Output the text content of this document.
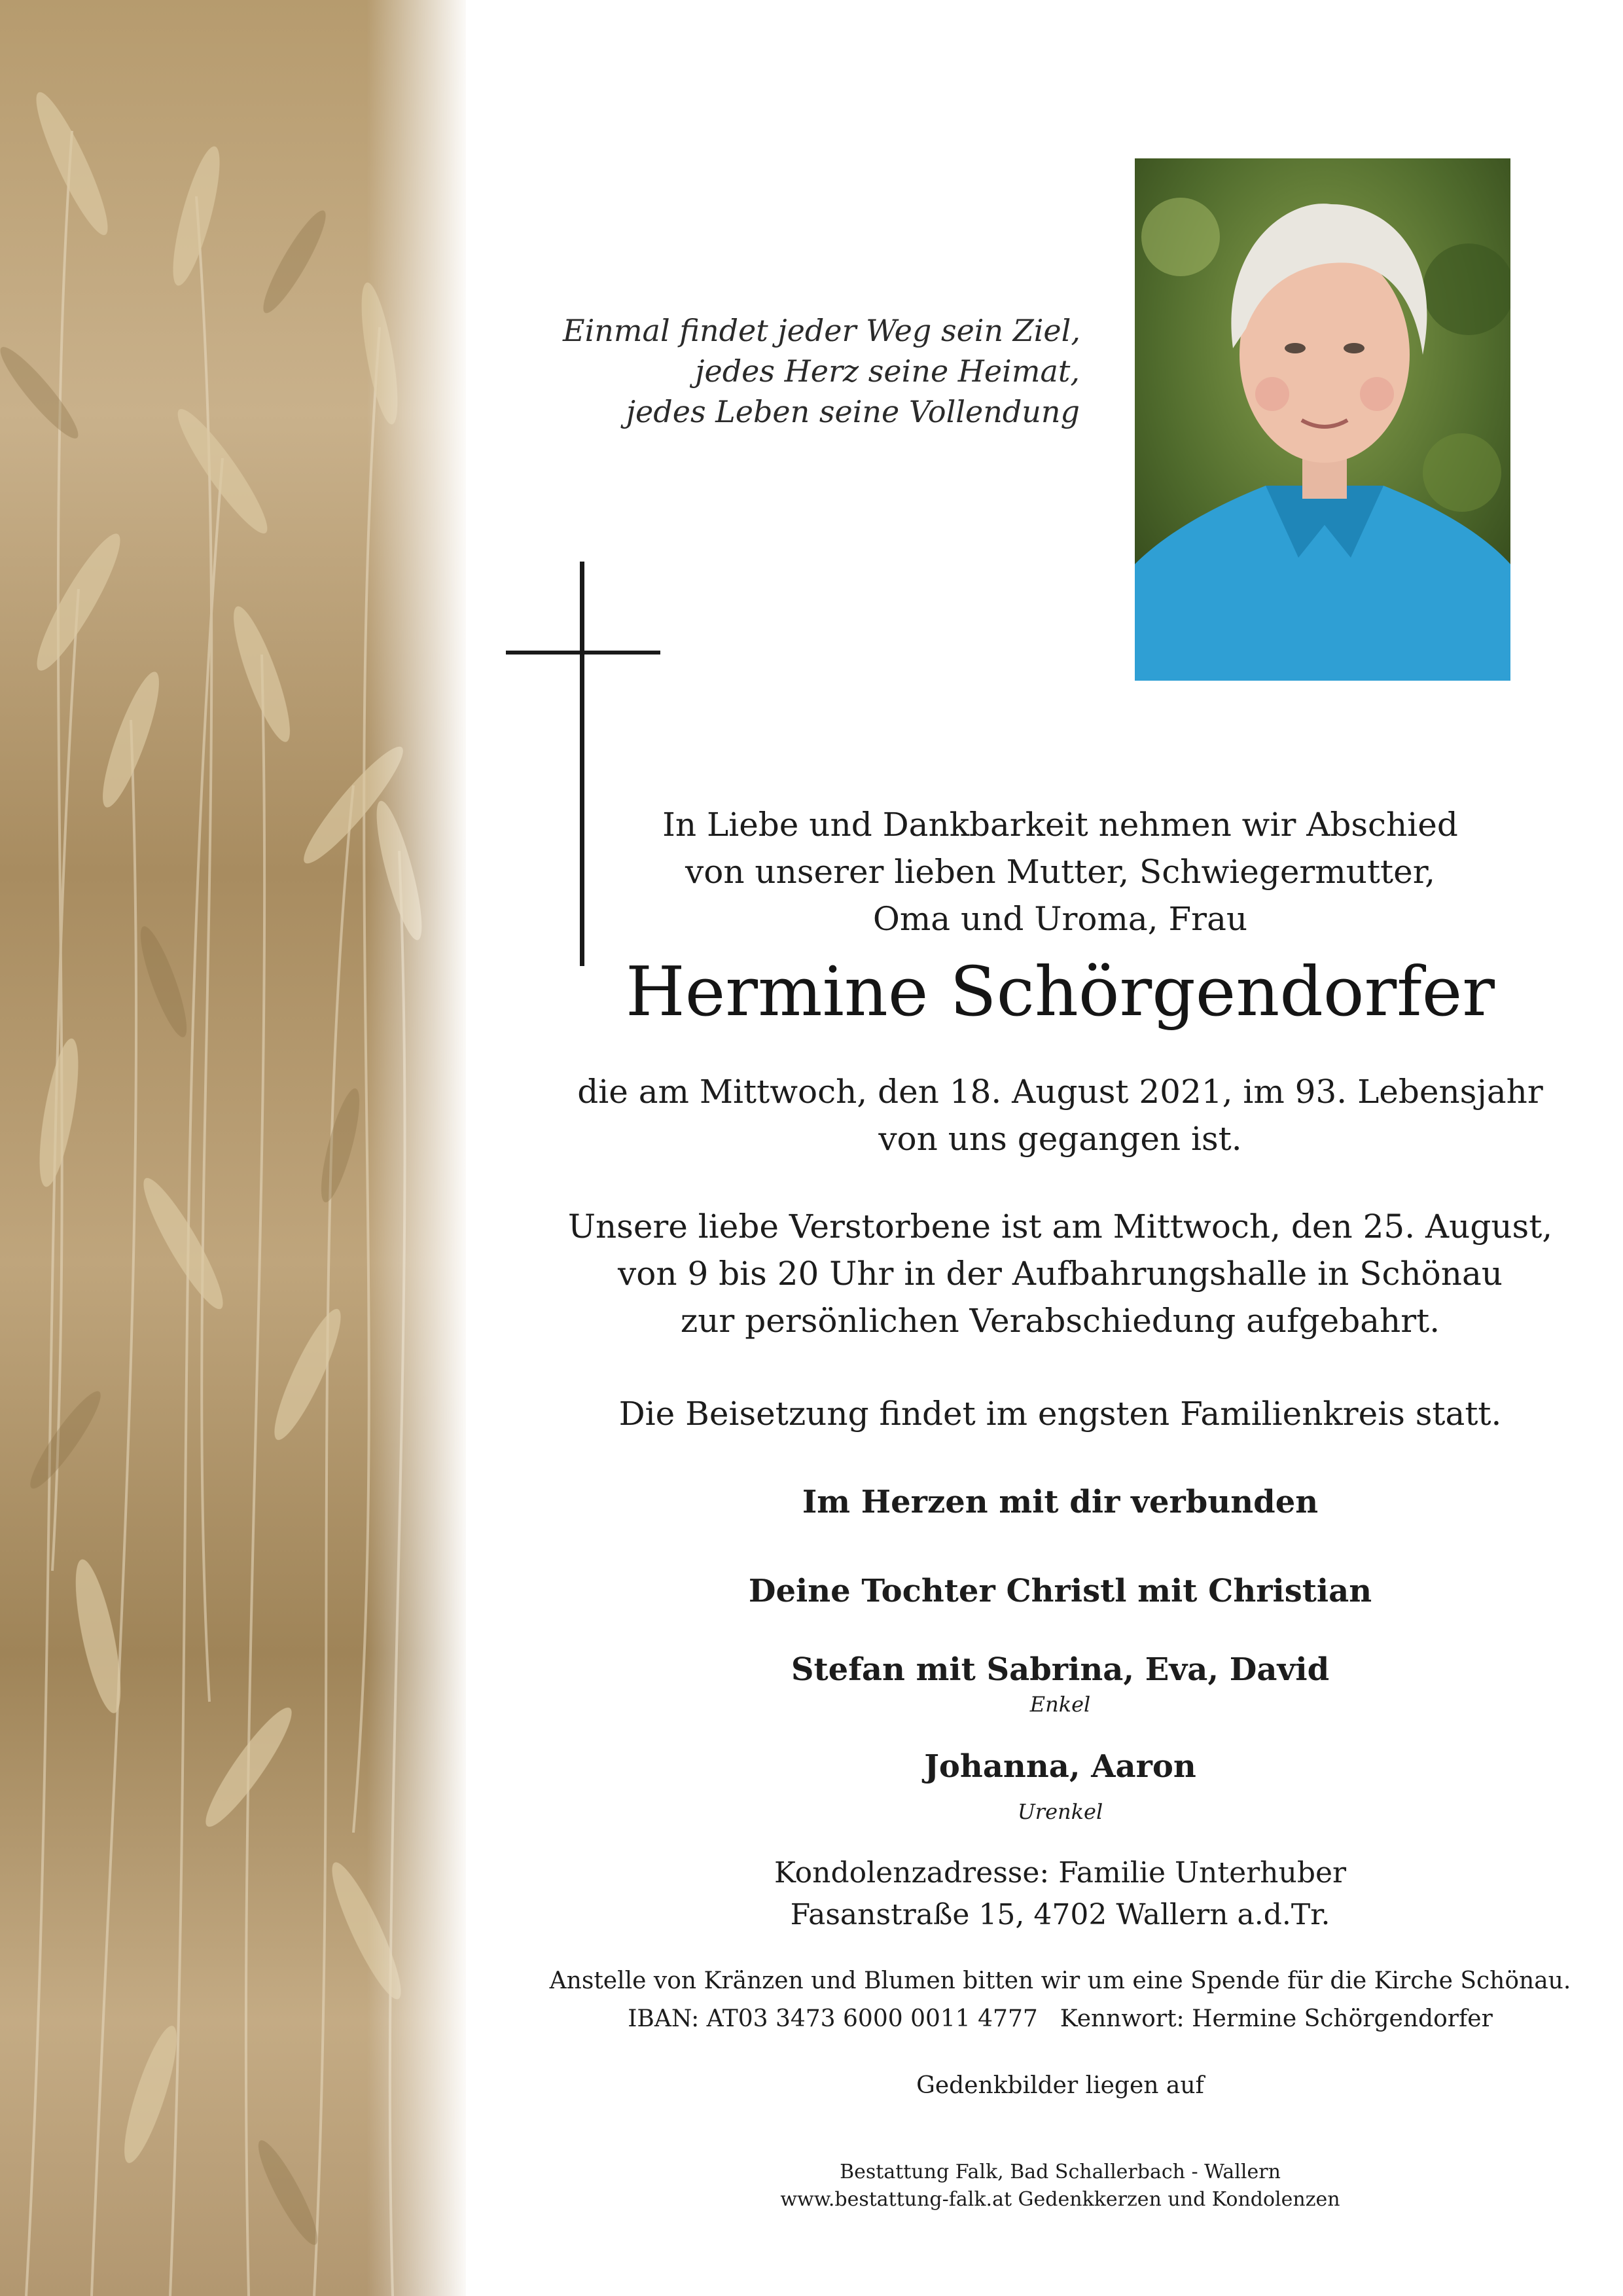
Einmal findet jeder Weg sein Ziel,
jedes Herz seine Heimat,
jedes Leben seine Vollendung
In Liebe und Dankbarkeit nehmen wir Abschied
von unserer lieben Mutter, Schwiegermutter,
Oma und Uroma, Frau
Hermine Schörgendorfer
die am Mittwoch, den 18. August 2021, im 93. Lebensjahr
von uns gegangen ist.
Unsere liebe Verstorbene ist am Mittwoch, den 25. August,
von 9 bis 20 Uhr in der Aufbahrungshalle in Schönau
zur persönlichen Verabschiedung aufgebahrt.
Die Beisetzung findet im engsten Familienkreis statt.
Im Herzen mit dir verbunden
Deine Tochter Christl mit Christian
Stefan mit Sabrina, Eva, David
Enkel
Johanna, Aaron
Urenkel
Kondolenzadresse: Familie Unterhuber
Fasanstraße 15, 4702 Wallern a.d.Tr.
Anstelle von Kränzen und Blumen bitten wir um eine Spende für die Kirche Schönau.
IBAN: AT03 3473 6000 0011 4777 Kennwort: Hermine Schörgendorfer
Gedenkbilder liegen auf
Bestattung Falk, Bad Schallerbach - Wallern
www.bestattung-falk.at Gedenkkerzen und Kondolenzen
